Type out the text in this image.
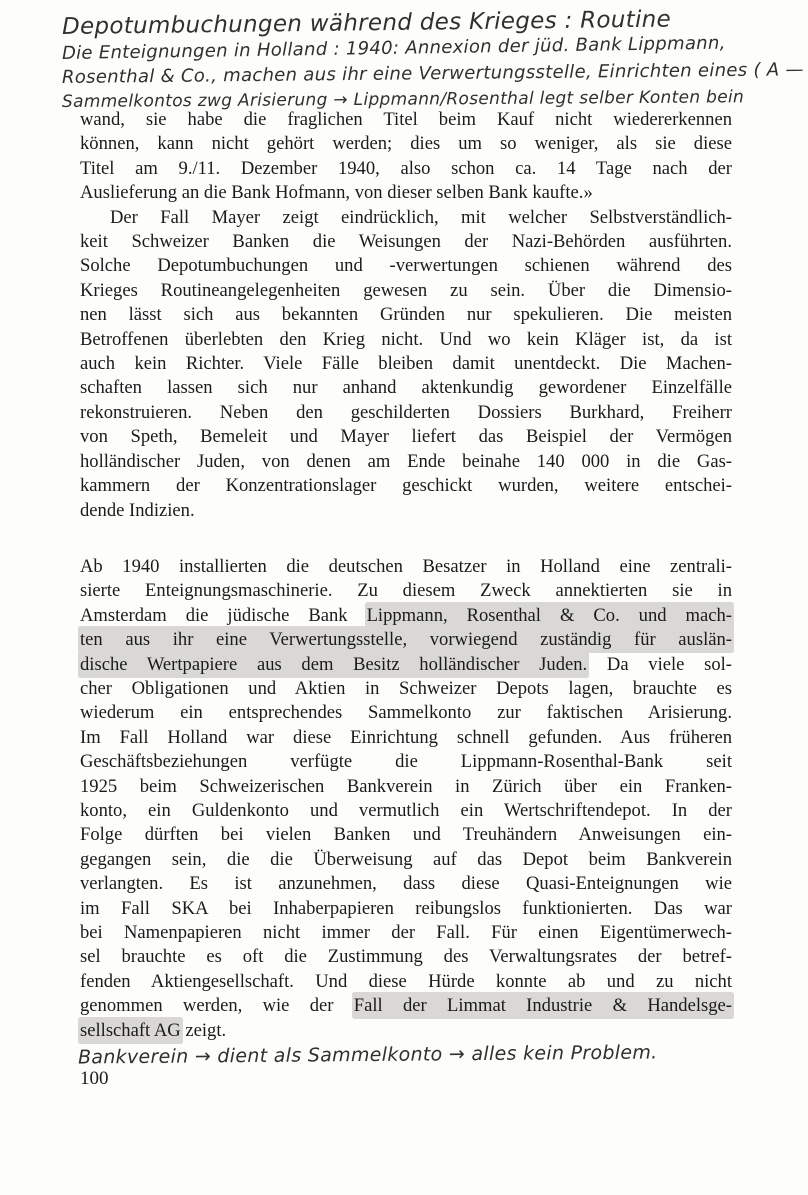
Depotumbuchungen während des Krieges : Routine
Die Enteignungen in Holland : 1940: Annexion der jüd. Bank Lippmann,
Rosenthal & Co., machen aus ihr eine Verwertungsstelle, Einrichten eines ( A —
Sammelkontos zwg Arisierung → Lippmann/Rosenthal legt selber Konten bein
wand, sie habe die fraglichen Titel beim Kauf nicht wiedererkennen
können, kann nicht gehört werden; dies um so weniger, als sie diese
Titel am 9./11. Dezember 1940, also schon ca. 14 Tage nach der
Auslieferung an die Bank Hofmann, von dieser selben Bank kaufte.»
Der Fall Mayer zeigt eindrücklich, mit welcher Selbstverständlich-
keit Schweizer Banken die Weisungen der Nazi-Behörden ausführten.
Solche Depotumbuchungen und -verwertungen schienen während des
Krieges Routineangelegenheiten gewesen zu sein. Über die Dimensio-
nen lässt sich aus bekannten Gründen nur spekulieren. Die meisten
Betroffenen überlebten den Krieg nicht. Und wo kein Kläger ist, da ist
auch kein Richter. Viele Fälle bleiben damit unentdeckt. Die Machen-
schaften lassen sich nur anhand aktenkundig gewordener Einzelfälle
rekonstruieren. Neben den geschilderten Dossiers Burkhard, Freiherr
von Speth, Bemeleit und Mayer liefert das Beispiel der Vermögen
holländischer Juden, von denen am Ende beinahe 140 000 in die Gas-
kammern der Konzentrationslager geschickt wurden, weitere entschei-
dende Indizien.
Ab 1940 installierten die deutschen Besatzer in Holland eine zentrali-
sierte Enteignungsmaschinerie. Zu diesem Zweck annektierten sie in
Amsterdam die jüdische Bank Lippmann, Rosenthal & Co. und mach-
ten aus ihr eine Verwertungsstelle, vorwiegend zuständig für auslän-
dische Wertpapiere aus dem Besitz holländischer Juden. Da viele sol-
cher Obligationen und Aktien in Schweizer Depots lagen, brauchte es
wiederum ein entsprechendes Sammelkonto zur faktischen Arisierung.
Im Fall Holland war diese Einrichtung schnell gefunden. Aus früheren
Geschäftsbeziehungen verfügte die Lippmann-Rosenthal-Bank seit
1925 beim Schweizerischen Bankverein in Zürich über ein Franken-
konto, ein Guldenkonto und vermutlich ein Wertschriftendepot. In der
Folge dürften bei vielen Banken und Treuhändern Anweisungen ein-
gegangen sein, die die Überweisung auf das Depot beim Bankverein
verlangten. Es ist anzunehmen, dass diese Quasi-Enteignungen wie
im Fall SKA bei Inhaberpapieren reibungslos funktionierten. Das war
bei Namenpapieren nicht immer der Fall. Für einen Eigentümerwech-
sel brauchte es oft die Zustimmung des Verwaltungsrates der betref-
fenden Aktiengesellschaft. Und diese Hürde konnte ab und zu nicht
genommen werden, wie der Fall der Limmat Industrie & Handelsge-
sellschaft AG zeigt.
Bankverein → dient als Sammelkonto → alles kein Problem.
100
